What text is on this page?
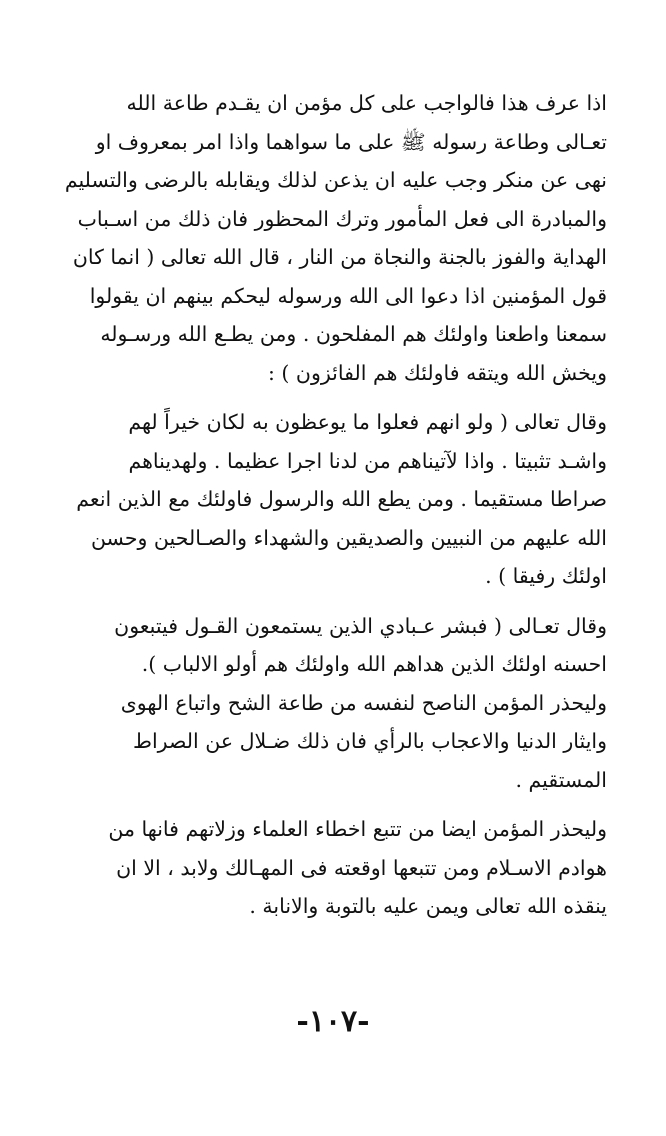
اذا عرف هذا فالواجب على كل مؤمن ان يقـدم طاعة الله
تعـالى وطاعة رسوله ﷺ على ما سواهما واذا امر بمعروف او
نهى عن منكر وجب عليه ان يذعن لذلك ويقابله بالرضى والتسليم
والمبادرة الى فعل المأمور وترك المحظور فان ذلك من اسـباب
الهداية والفوز بالجنة والنجاة من النار ، قال الله تعالى ( انما كان
قول المؤمنين اذا دعوا الى الله ورسوله ليحكم بينهم ان يقولوا
سمعنا واطعنا واولئك هم المفلحون . ومن يطـع الله ورسـوله
ويخش الله ويتقه فاولئك هم الفائزون ) :
وقال تعالى ( ولو انهم فعلوا ما يوعظون به لكان خيراً لهم
واشـد تثبيتا . واذا لآتيناهم من لدنا اجرا عظيما . ولهديناهم
صراطا مستقيما . ومن يطع الله والرسول فاولئك مع الذين انعم
الله عليهم من النبيين والصديقين والشهداء والصـالحين وحسن
اولئك رفيقا ) .
وقال تعـالى ( فبشر عـبادي الذين يستمعون القـول فيتبعون
احسنه اولئك الذين هداهم الله واولئك هم أولو الالباب ).
وليحذر المؤمن الناصح لنفسه من طاعة الشح واتباع الهوى
وايثار الدنيا والاعجاب بالرأي فان ذلك ضـلال عن الصراط
المستقيم .
وليحذر المؤمن ايضا من تتبع اخطاء العلماء وزلاتهم فانها من
هوادم الاسـلام ومن تتبعها اوقعته فى المهـالك ولابد ، الا ان
ينقذه الله تعالى ويمن عليه بالتوبة والانابة .
-١٠٧-
